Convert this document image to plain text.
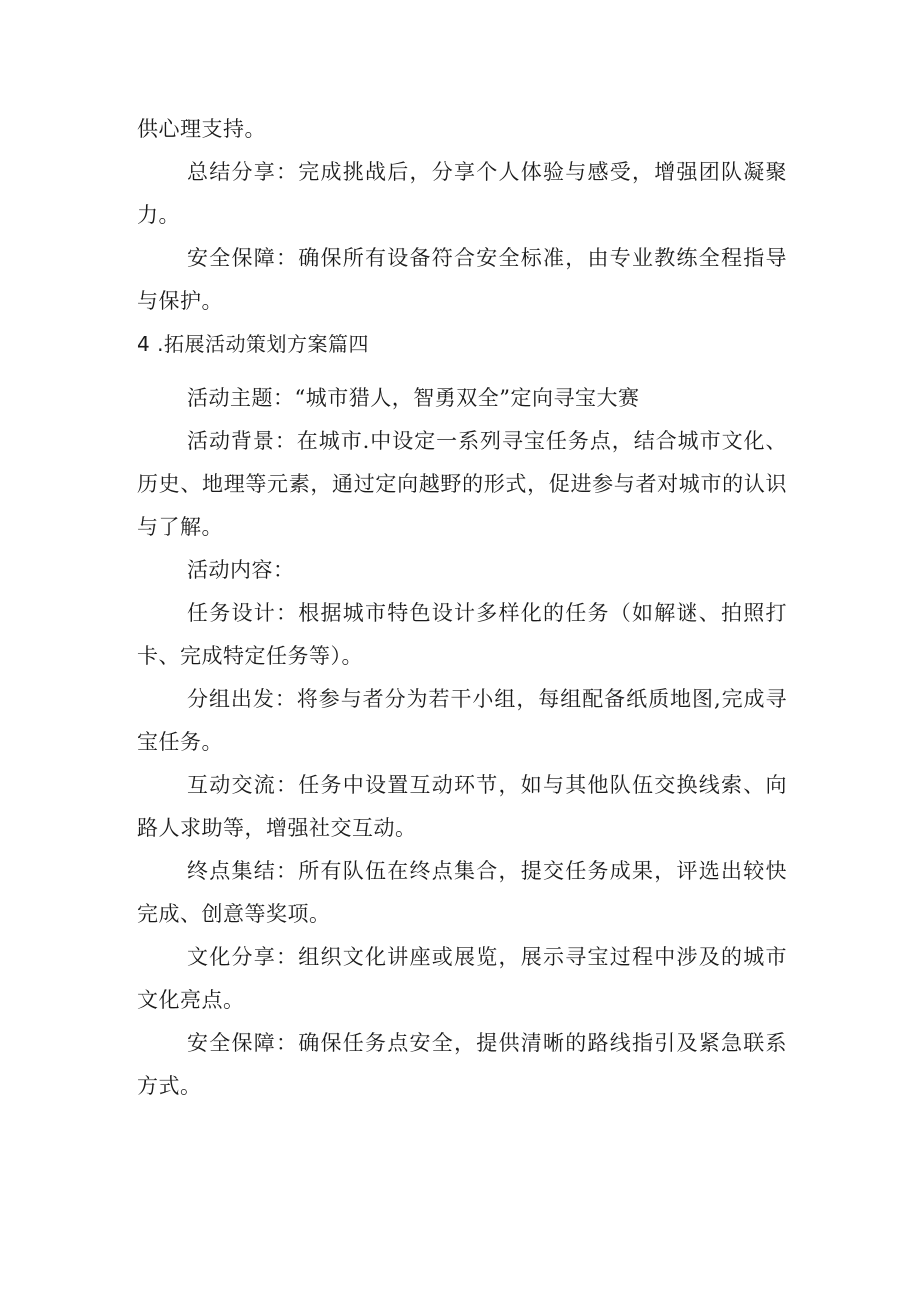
供心理支持。

总结分享：完成挑战后，分享个人体验与感受，增强团队凝聚力。

安全保障：确保所有设备符合安全标准，由专业教练全程指导与保护。

4 .拓展活动策划方案篇四

活动主题：“城市猎人，智勇双全”定向寻宝大赛

活动背景：在城市.中设定一系列寻宝任务点，结合城市文化、历史、地理等元素，通过定向越野的形式，促进参与者对城市的认识与了解。

活动内容：

任务设计：根据城市特色设计多样化的任务（如解谜、拍照打卡、完成特定任务等）。

分组出发：将参与者分为若干小组，每组配备纸质地图,完成寻宝任务。

互动交流：任务中设置互动环节，如与其他队伍交换线索、向路人求助等，增强社交互动。

终点集结：所有队伍在终点集合，提交任务成果，评选出较快完成、创意等奖项。

文化分享：组织文化讲座或展览，展示寻宝过程中涉及的城市文化亮点。

安全保障：确保任务点安全，提供清晰的路线指引及紧急联系方式。
